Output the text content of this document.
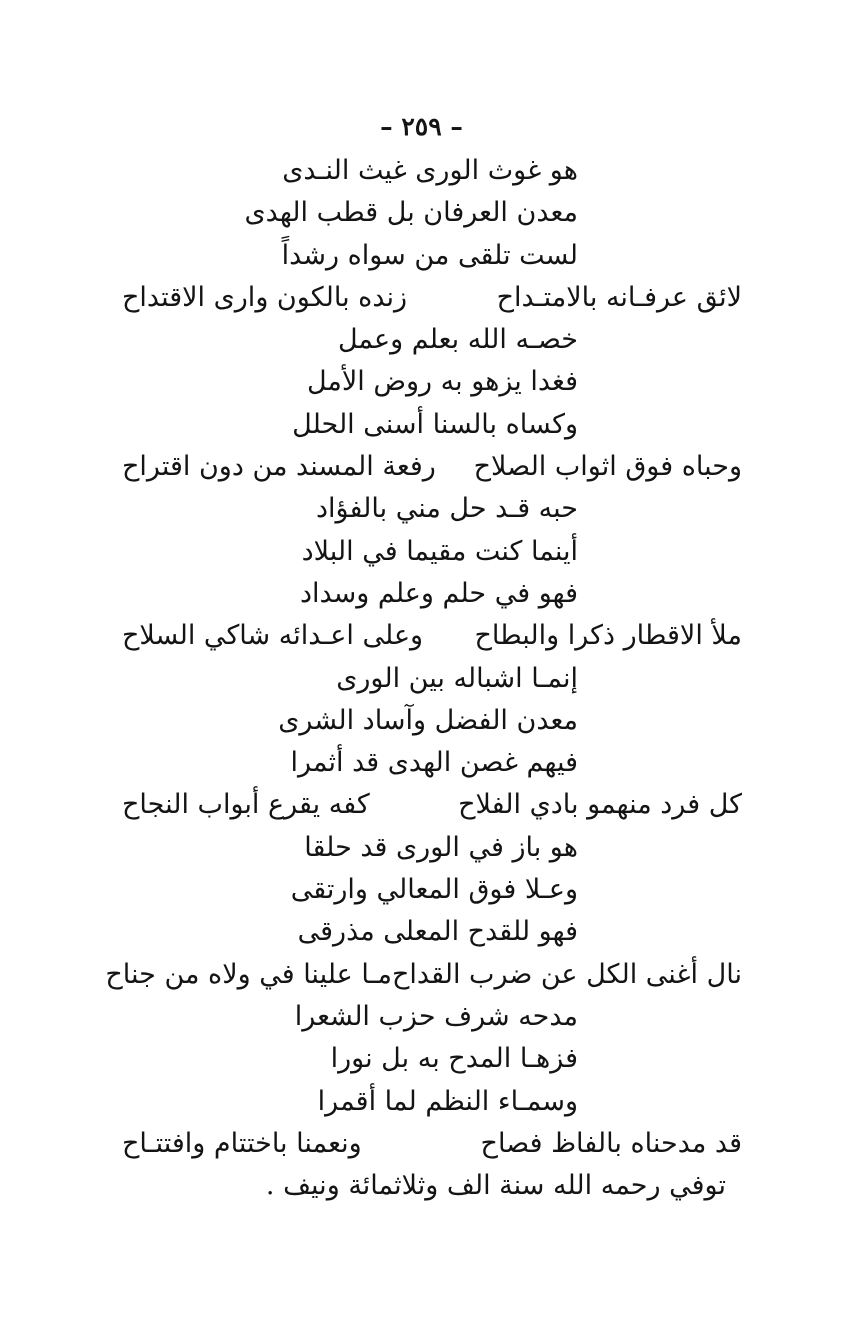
– ٢٥٩ –
هو غوث الورى غيث النـدى
معدن العرفان بل قطب الهدى
لست تلقى من سواه رشداً
لائق عرفـانه بالامتـداح
زنده بالكون وارى الاقتداح
خصـه الله بعلم وعمل
فغدا يزهو به روض الأمل
وكساه بالسنا أسنى الحلل
وحباه فوق اثواب الصلاح
رفعة المسند من دون اقتراح
حبه قـد حل مني بالفؤاد
أينما كنت مقيما في البلاد
فهو في حلم وعلم وسداد
ملأ الاقطار ذكرا والبطاح
وعلى اعـدائه شاكي السلاح
إنمـا اشباله بين الورى
معدن الفضل وآساد الشرى
فيهم غصن الهدى قد أثمرا
كل فرد منهمو بادي الفلاح
كفه يقرع أبواب النجاح
هو باز في الورى قد حلقا
وعـلا فوق المعالي وارتقى
فهو للقدح المعلى مذرقى
نال أغنى الكل عن ضرب القداح
مـا علينا في ولاه من جناح
مدحه شرف حزب الشعرا
فزهـا المدح به بل نورا
وسمـاء النظم لما أقمرا
قد مدحناه بالفاظ فصاح
ونعمنا باختتام وافتتـاح
توفي رحمه الله سنة الف وثلاثمائة ونيف .
